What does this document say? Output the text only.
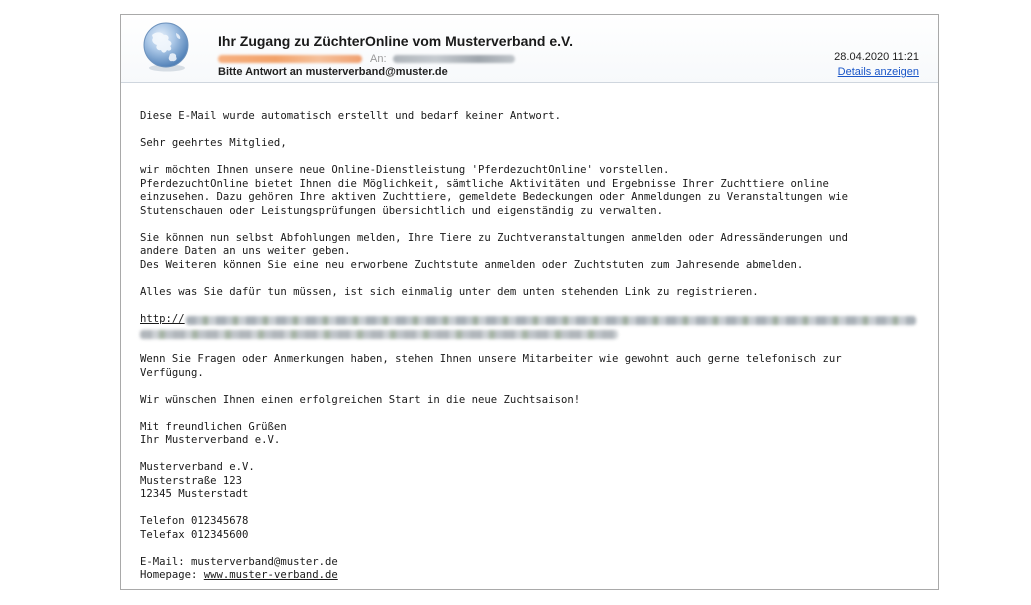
Ihr Zugang zu ZüchterOnline vom Musterverband e.V.
An:
Bitte Antwort an musterverband@muster.de
28.04.2020 11:21
Details anzeigen

Diese E-Mail wurde automatisch erstellt und bedarf keiner Antwort.

Sehr geehrtes Mitglied,

wir möchten Ihnen unsere neue Online-Dienstleistung 'PferdezuchtOnline' vorstellen.
PferdezuchtOnline bietet Ihnen die Möglichkeit, sämtliche Aktivitäten und Ergebnisse Ihrer Zuchttiere online
einzusehen. Dazu gehören Ihre aktiven Zuchttiere, gemeldete Bedeckungen oder Anmeldungen zu Veranstaltungen wie
Stutenschauen oder Leistungsprüfungen übersichtlich und eigenständig zu verwalten.

Sie können nun selbst Abfohlungen melden, Ihre Tiere zu Zuchtveranstaltungen anmelden oder Adressänderungen und
andere Daten an uns weiter geben.
Des Weiteren können Sie eine neu erworbene Zuchtstute anmelden oder Zuchtstuten zum Jahresende abmelden.

Alles was Sie dafür tun müssen, ist sich einmalig unter dem unten stehenden Link zu registrieren.

http://

Wenn Sie Fragen oder Anmerkungen haben, stehen Ihnen unsere Mitarbeiter wie gewohnt auch gerne telefonisch zur
Verfügung.

Wir wünschen Ihnen einen erfolgreichen Start in die neue Zuchtsaison!

Mit freundlichen Grüßen
Ihr Musterverband e.V.

Musterverband e.V.
Musterstraße 123
12345 Musterstadt

Telefon 012345678
Telefax 012345600

E-Mail: musterverband@muster.de
Homepage: www.muster-verband.de
